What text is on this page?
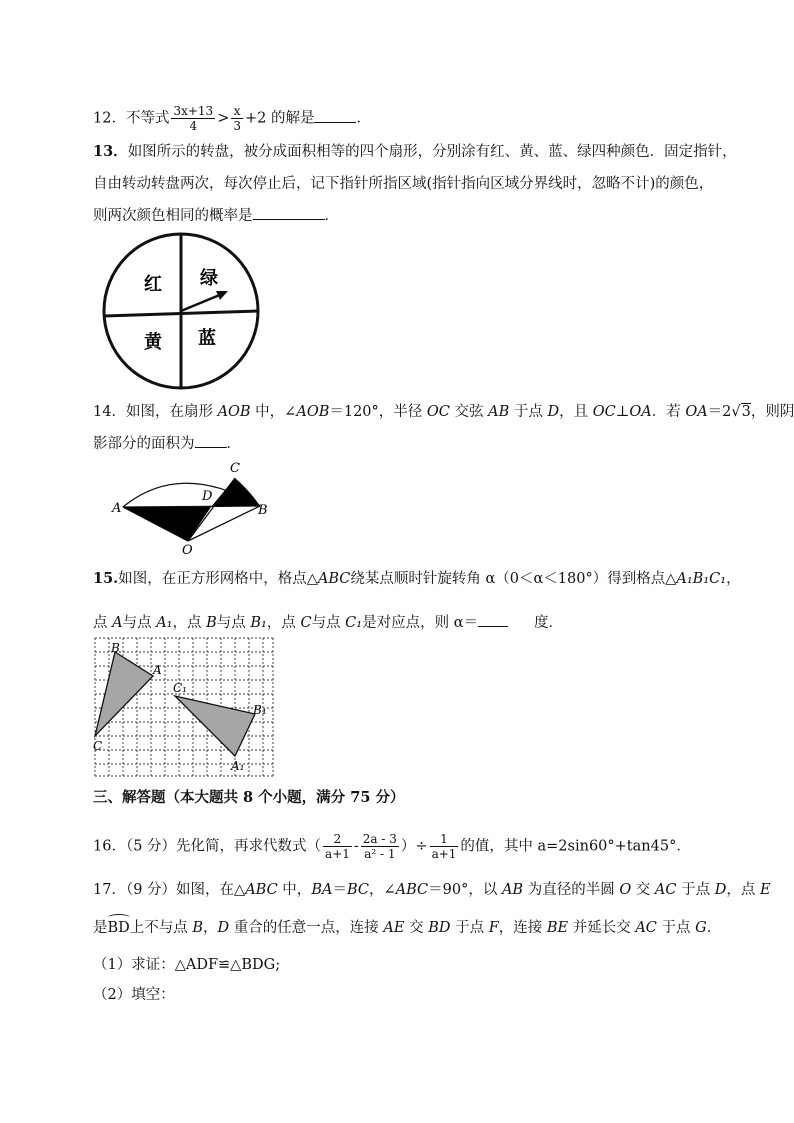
12．不等式 $\frac{3x+13}{4} > \frac{x}{3} +2$ 的解是	．
13．如图所示的转盘，被分成面积相等的四个扇形，分别涂有红、黄、蓝、绿四种颜色．固定指针，
自由转动转盘两次，每次停止后，记下指针所指区域(指针指向区域分界线时，忽略不计)的颜色，
则两次颜色相同的概率是	．
红 绿
黄 蓝
14．如图，在扇形 AOB 中，∠AOB＝120°，半径 OC 交弦 AB 于点 D，且 OC⊥OA．若 OA＝2√3，则阴
影部分的面积为 ．
A	B
C
D
O
15.如图，在正方形网格中，格点△ABC绕某点顺时针旋转角 α（0＜α＜180°）得到格点△A₁B₁C₁，
点 A与点 A₁，点 B与点 B₁，点 C与点 C₁是对应点，则 α＝	度．
B
A
C
C₁
B₁
A₁
三、解答题（本大题共 8 个小题，满分 75 分）
16．（5 分）先化简，再求代数式（ $\frac{2}{a+1} - \frac{2a - 3}{\text{a² - 1}}$ ）÷ $\frac{1}{a+1}$ 的值，其中 a=2sin60°+tan45°．
17．（9 分）如图，在△ABC 中，BA＝BC，∠ABC＝90°，以 AB 为直径的半圆 O 交 AC 于点 D，点 E
是BD上不与点 B，D 重合的任意一点，连接 AE 交 BD 于点 F，连接 BE 并延长交 AC 于点 G．
（1）求证：△ADF≌△BDG;
（2）填空：
